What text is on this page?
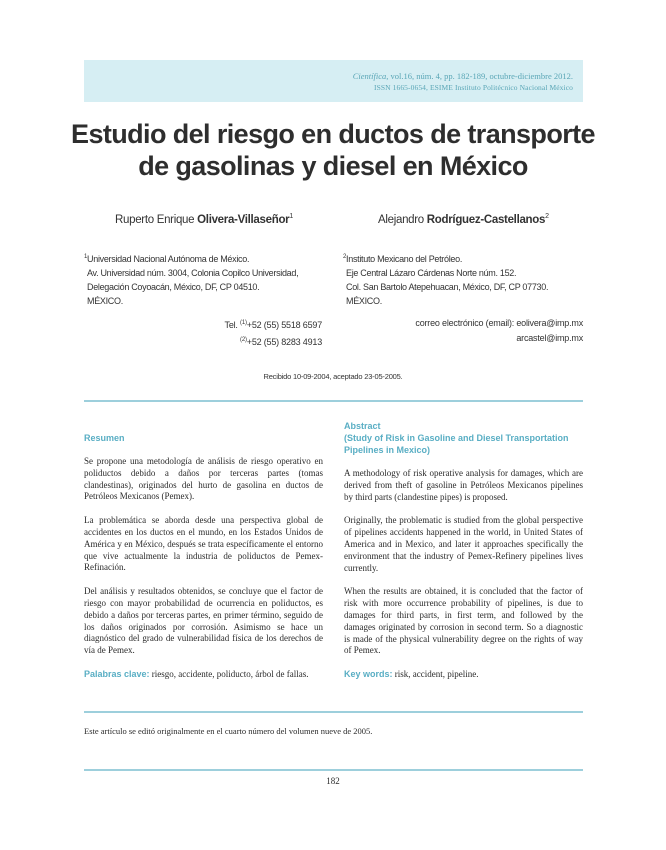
Científica, vol.16, núm. 4, pp. 182-189, octubre-diciembre 2012.
ISSN 1665-0654, ESIME Instituto Politécnico Nacional México
Estudio del riesgo en ductos de transporte
de gasolinas y diesel en México
Ruperto Enrique Olivera-Villaseñor$^1$	Alejandro Rodríguez-Castellanos$^2$
$^1$Universidad Nacional Autónoma de México.
Av. Universidad núm. 3004, Colonia Copilco Universidad,
Delegación Coyoacán, México, DF, CP 04510.
MÉXICO.
$^2$Instituto Mexicano del Petróleo.
Eje Central Lázaro Cárdenas Norte núm. 152.
Col. San Bartolo Atepehuacan, México, DF, CP 07730.
MÉXICO.
Tel. $^{(1)}$+52 (55) 5518 6597
$^{(2)}$+52 (55) 8283 4913
correo electrónico (email): eolivera@imp.mx
arcastel@imp.mx
Recibido 10-09-2004, aceptado 23-05-2005.
Resumen

Se propone una metodología de análisis de riesgo operativo en poliductos debido a daños por terceras partes (tomas clandestinas), originados del hurto de gasolina en ductos de Petróleos Mexicanos (Pemex).

La problemática se aborda desde una perspectiva global de accidentes en los ductos en el mundo, en los Estados Unidos de América y en México, después se trata específicamente el entorno que vive actualmente la industria de poliductos de Pemex-Refinación.

Del análisis y resultados obtenidos, se concluye que el factor de riesgo con mayor probabilidad de ocurrencia en poliductos, es debido a daños por terceras partes, en primer término, seguido de los daños originados por corrosión. Asimismo se hace un diagnóstico del grado de vulnerabilidad física de los derechos de vía de Pemex.

Palabras clave: riesgo, accidente, poliducto, árbol de fallas.

Abstract
(Study of Risk in Gasoline and Diesel Transportation
Pipelines in Mexico)

A methodology of risk operative analysis for damages, which are derived from theft of gasoline in Petróleos Mexicanos pipelines by third parts (clandestine pipes) is proposed.

Originally, the problematic is studied from the global perspective of pipelines accidents happened in the world, in United States of America and in Mexico, and later it approaches specifically the environment that the industry of Pemex-Refinery pipelines lives currently.

When the results are obtained, it is concluded that the factor of risk with more occurrence probability of pipelines, is due to damages for third parts, in first term, and followed by the damages originated by corrosion in second term. So a diagnostic is made of the physical vulnerability degree on the rights of way of Pemex.

Key words: risk, accident, pipeline.

Este artículo se editó originalmente en el cuarto número del volumen nueve de 2005.
182
